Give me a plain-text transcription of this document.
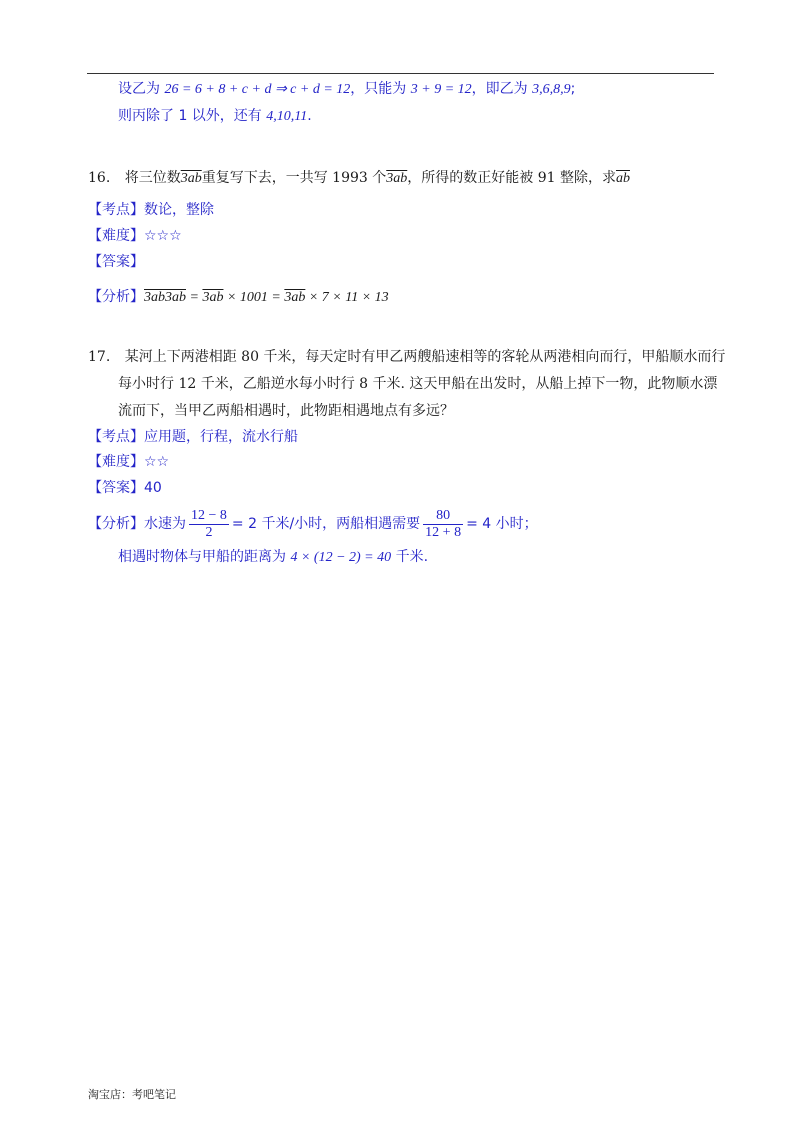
设乙为 26 = 6 + 8 + c + d ⇒ c + d = 12，只能为 3 + 9 = 12，即乙为 3,6,8,9;
则丙除了 1 以外，还有 4,10,11.
16. 将三位数3ab重复写下去，一共写 1993 个3ab，所得的数正好能被 91 整除，求$\overline{ab}$
【考点】数论，整除
【难度】☆☆☆
【答案】
【分析】3ab3ab = 3ab × 1001 = 3ab × 7 × 11 × 13
17. 某河上下两港相距 80 千米，每天定时有甲乙两艘船速相等的客轮从两港相向而行，甲船顺水而行
每小时行 12 千米，乙船逆水每小时行 8 千米. 这天甲船在出发时，从船上掉下一物，此物顺水漂
流而下，当甲乙两船相遇时，此物距相遇地点有多远？
【考点】应用题，行程，流水行船
【难度】☆☆
【答案】40
【分析】 水速为 $\frac{12 - 8}{2} = 2$ 千米/小时，两船相遇需要 $\frac{80}{12 + 8} = 4$ 小时；
相遇时物体与甲船的距离为 4 × (12 − 2) = 40 千米.
淘宝店：考吧笔记
